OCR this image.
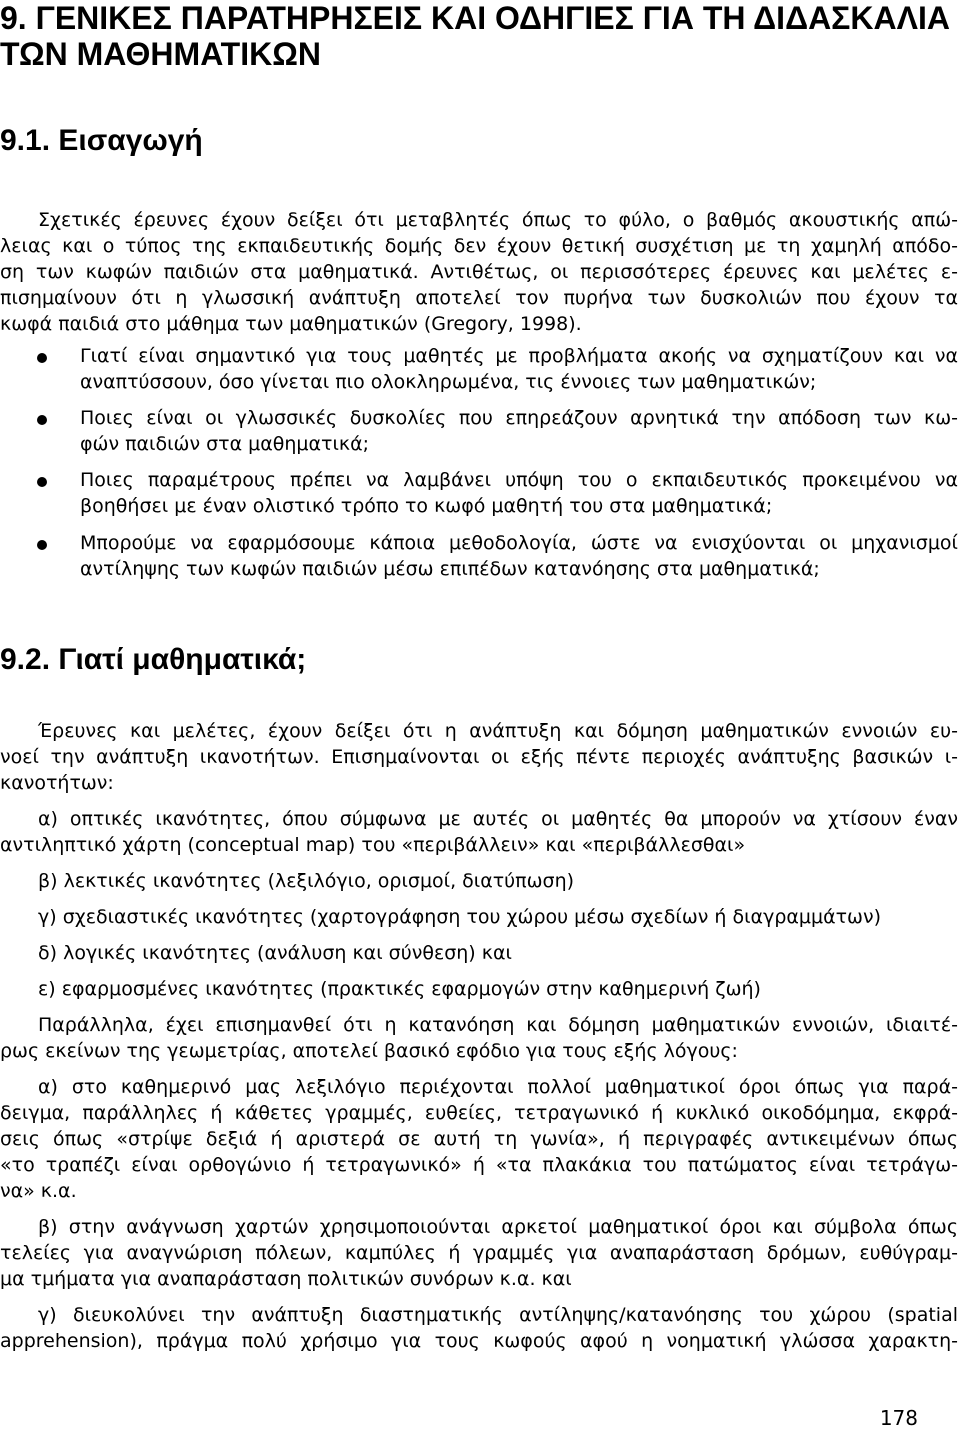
9. ΓΕΝΙΚΕΣ ΠΑΡΑΤΗΡΗΣΕΙΣ ΚΑΙ ΟΔΗΓΙΕΣ ΓΙΑ ΤΗ ΔΙΔΑΣΚΑΛΙΑ
ΤΩΝ ΜΑΘΗΜΑΤΙΚΩΝ
9.1. Εισαγωγή
Σχετικές έρευνες έχουν δείξει ότι μεταβλητές όπως το φύλο, ο βαθμός ακουστικής απώ-
λειας και ο τύπος της εκπαιδευτικής δομής δεν έχουν θετική συσχέτιση με τη χαμηλή απόδο-
ση των κωφών παιδιών στα μαθηματικά. Αντιθέτως, οι περισσότερες έρευνες και μελέτες ε-
πισημαίνουν ότι η γλωσσική ανάπτυξη αποτελεί τον πυρήνα των δυσκολιών που έχουν τα
κωφά παιδιά στο μάθημα των μαθηματικών (Gregory, 1998).
Γιατί είναι σημαντικό για τους μαθητές με προβλήματα ακοής να σχηματίζουν και να
αναπτύσσουν, όσο γίνεται πιο ολοκληρωμένα, τις έννοιες των μαθηματικών;
Ποιες είναι οι γλωσσικές δυσκολίες που επηρεάζουν αρνητικά την απόδοση των κω-
φών παιδιών στα μαθηματικά;
Ποιες παραμέτρους πρέπει να λαμβάνει υπόψη του ο εκπαιδευτικός προκειμένου να
βοηθήσει με έναν ολιστικό τρόπο το κωφό μαθητή του στα μαθηματικά;
Μπορούμε να εφαρμόσουμε κάποια μεθοδολογία, ώστε να ενισχύονται οι μηχανισμοί
αντίληψης των κωφών παιδιών μέσω επιπέδων κατανόησης στα μαθηματικά;
9.2. Γιατί μαθηματικά;
Έρευνες και μελέτες, έχουν δείξει ότι η ανάπτυξη και δόμηση μαθηματικών εννοιών ευ-
νοεί την ανάπτυξη ικανοτήτων. Επισημαίνονται οι εξής πέντε περιοχές ανάπτυξης βασικών ι-
κανοτήτων:
α) οπτικές ικανότητες, όπου σύμφωνα με αυτές οι μαθητές θα μπορούν να χτίσουν έναν
αντιληπτικό χάρτη (conceptual map) του «περιβάλλειν» και «περιβάλλεσθαι»
β) λεκτικές ικανότητες (λεξιλόγιο, ορισμοί, διατύπωση)
γ) σχεδιαστικές ικανότητες (χαρτογράφηση του χώρου μέσω σχεδίων ή διαγραμμάτων)
δ) λογικές ικανότητες (ανάλυση και σύνθεση) και
ε) εφαρμοσμένες ικανότητες (πρακτικές εφαρμογών στην καθημερινή ζωή)
Παράλληλα, έχει επισημανθεί ότι η κατανόηση και δόμηση μαθηματικών εννοιών, ιδιαιτέ-
ρως εκείνων της γεωμετρίας, αποτελεί βασικό εφόδιο για τους εξής λόγους:
α) στο καθημερινό μας λεξιλόγιο περιέχονται πολλοί μαθηματικοί όροι όπως για παρά-
δειγμα, παράλληλες ή κάθετες γραμμές, ευθείες, τετραγωνικό ή κυκλικό οικοδόμημα, εκφρά-
σεις όπως «στρίψε δεξιά ή αριστερά σε αυτή τη γωνία», ή περιγραφές αντικειμένων όπως
«το τραπέζι είναι ορθογώνιο ή τετραγωνικό» ή «τα πλακάκια του πατώματος είναι τετράγω-
να» κ.α.
β) στην ανάγνωση χαρτών χρησιμοποιούνται αρκετοί μαθηματικοί όροι και σύμβολα όπως
τελείες για αναγνώριση πόλεων, καμπύλες ή γραμμές για αναπαράσταση δρόμων, ευθύγραμ-
μα τμήματα για αναπαράσταση πολιτικών συνόρων κ.α. και
γ) διευκολύνει την ανάπτυξη διαστηματικής αντίληψης/κατανόησης του χώρου (spatial
apprehension), πράγμα πολύ χρήσιμο για τους κωφούς αφού η νοηματική γλώσσα χαρακτη-
178
